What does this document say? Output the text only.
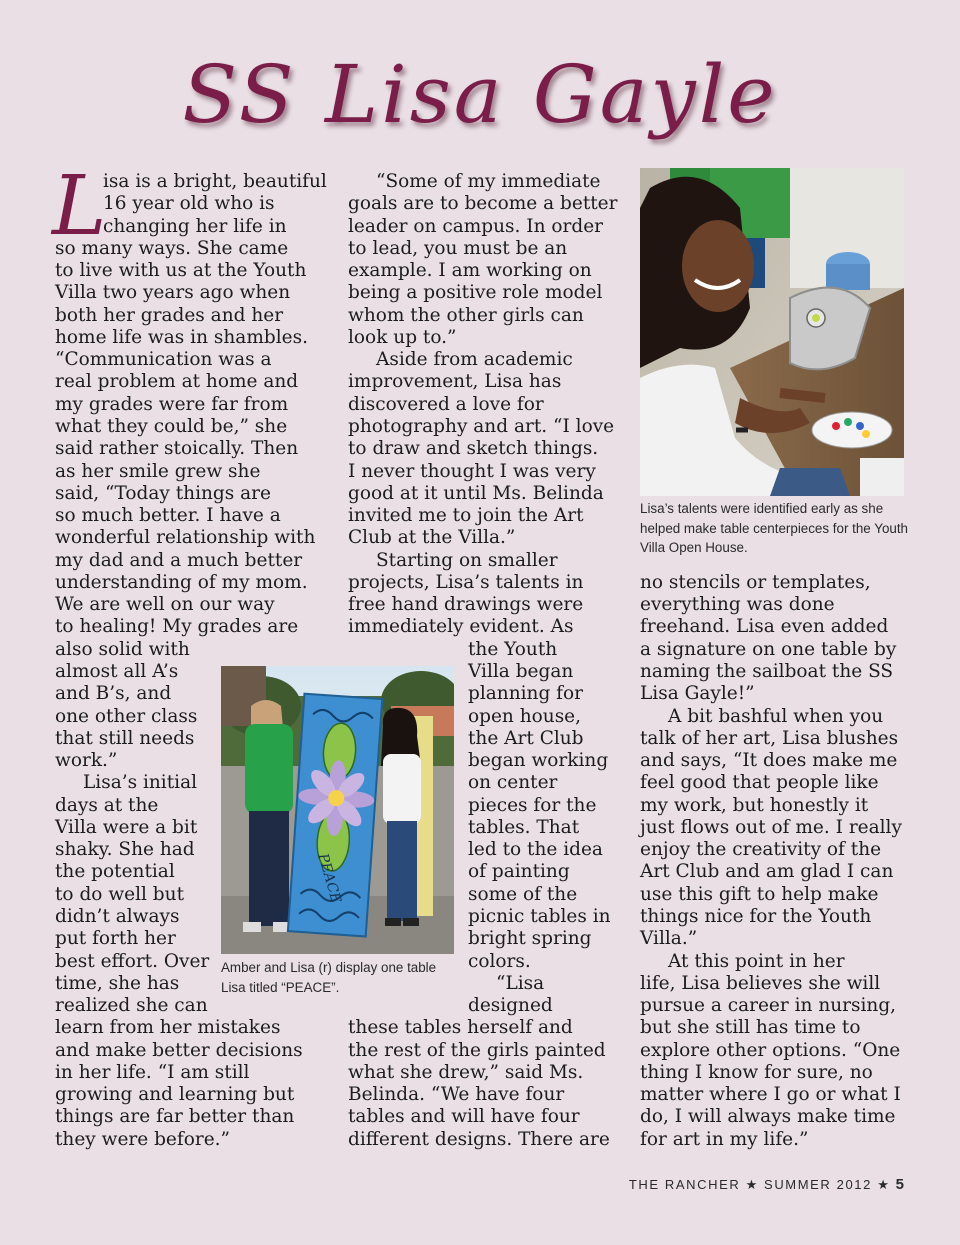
SS Lisa Gayle
L
Lisa’s talents were identified early as she
helped make table centerpieces for the Youth
Villa Open House.
PEACE
Amber and Lisa (r) display one table
Lisa titled “PEACE”.
isa is a bright, beautiful
16 year old who is
changing her life in
so many ways. She came
to live with us at the Youth
Villa two years ago when
both her grades and her
home life was in shambles.
“Communication was a
real problem at home and
my grades were far from
what they could be,” she
said rather stoically. Then
as her smile grew she
said, “Today things are
so much better. I have a
wonderful relationship with
my dad and a much better
understanding of my mom.
We are well on our way
to healing! My grades are
also solid with
almost all A’s
and B’s, and
one other class
that still needs
work.”
Lisa’s initial
days at the
Villa were a bit
shaky. She had
the potential
to do well but
didn’t always
put forth her
best effort. Over
time, she has
realized she can
learn from her mistakes
and make better decisions
in her life. “I am still
growing and learning but
things are far better than
they were before.”
“Some of my immediate
goals are to become a better
leader on campus. In order
to lead, you must be an
example. I am working on
being a positive role model
whom the other girls can
look up to.”
Aside from academic
improvement, Lisa has
discovered a love for
photography and art. “I love
to draw and sketch things.
I never thought I was very
good at it until Ms. Belinda
invited me to join the Art
Club at the Villa.”
Starting on smaller
projects, Lisa’s talents in
free hand drawings were
immediately evident. As
the Youth
Villa began
planning for
open house,
the Art Club
began working
on center
pieces for the
tables. That
led to the idea
of painting
some of the
picnic tables in
bright spring
colors.
“Lisa
designed
these tables herself and
the rest of the girls painted
what she drew,” said Ms.
Belinda. “We have four
tables and will have four
different designs. There are
no stencils or templates,
everything was done
freehand. Lisa even added
a signature on one table by
naming the sailboat the SS
Lisa Gayle!”
A bit bashful when you
talk of her art, Lisa blushes
and says, “It does make me
feel good that people like
my work, but honestly it
just flows out of me. I really
enjoy the creativity of the
Art Club and am glad I can
use this gift to help make
things nice for the Youth
Villa.”
At this point in her
life, Lisa believes she will
pursue a career in nursing,
but she still has time to
explore other options. “One
thing I know for sure, no
matter where I go or what I
do, I will always make time
for art in my life.”
THE RANCHER ★ SUMMER 2012 ★ 5
